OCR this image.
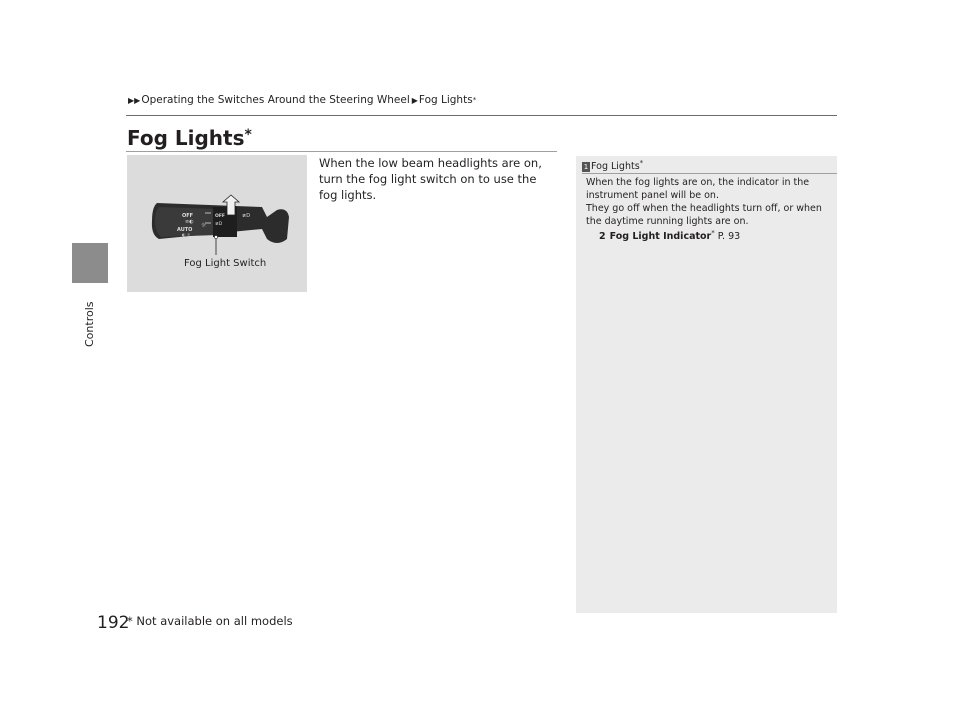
Controls
▶▶ Operating the Switches Around the Steering Wheel ▶ Fog Lights *
Fog Lights*
OFF
≡◐
AUTO
◐ ☼
OFF
≢D
≢D
☼
Fog Light Switch
When the low beam headlights are on, turn the fog light switch on to use the fog lights.
1 Fog Lights*
When the fog lights are on, the indicator in the
instrument panel will be on.
They go off when the headlights turn off, or when
the daytime running lights are on.
2 Fog Light Indicator* P. 93
192
* Not available on all models
